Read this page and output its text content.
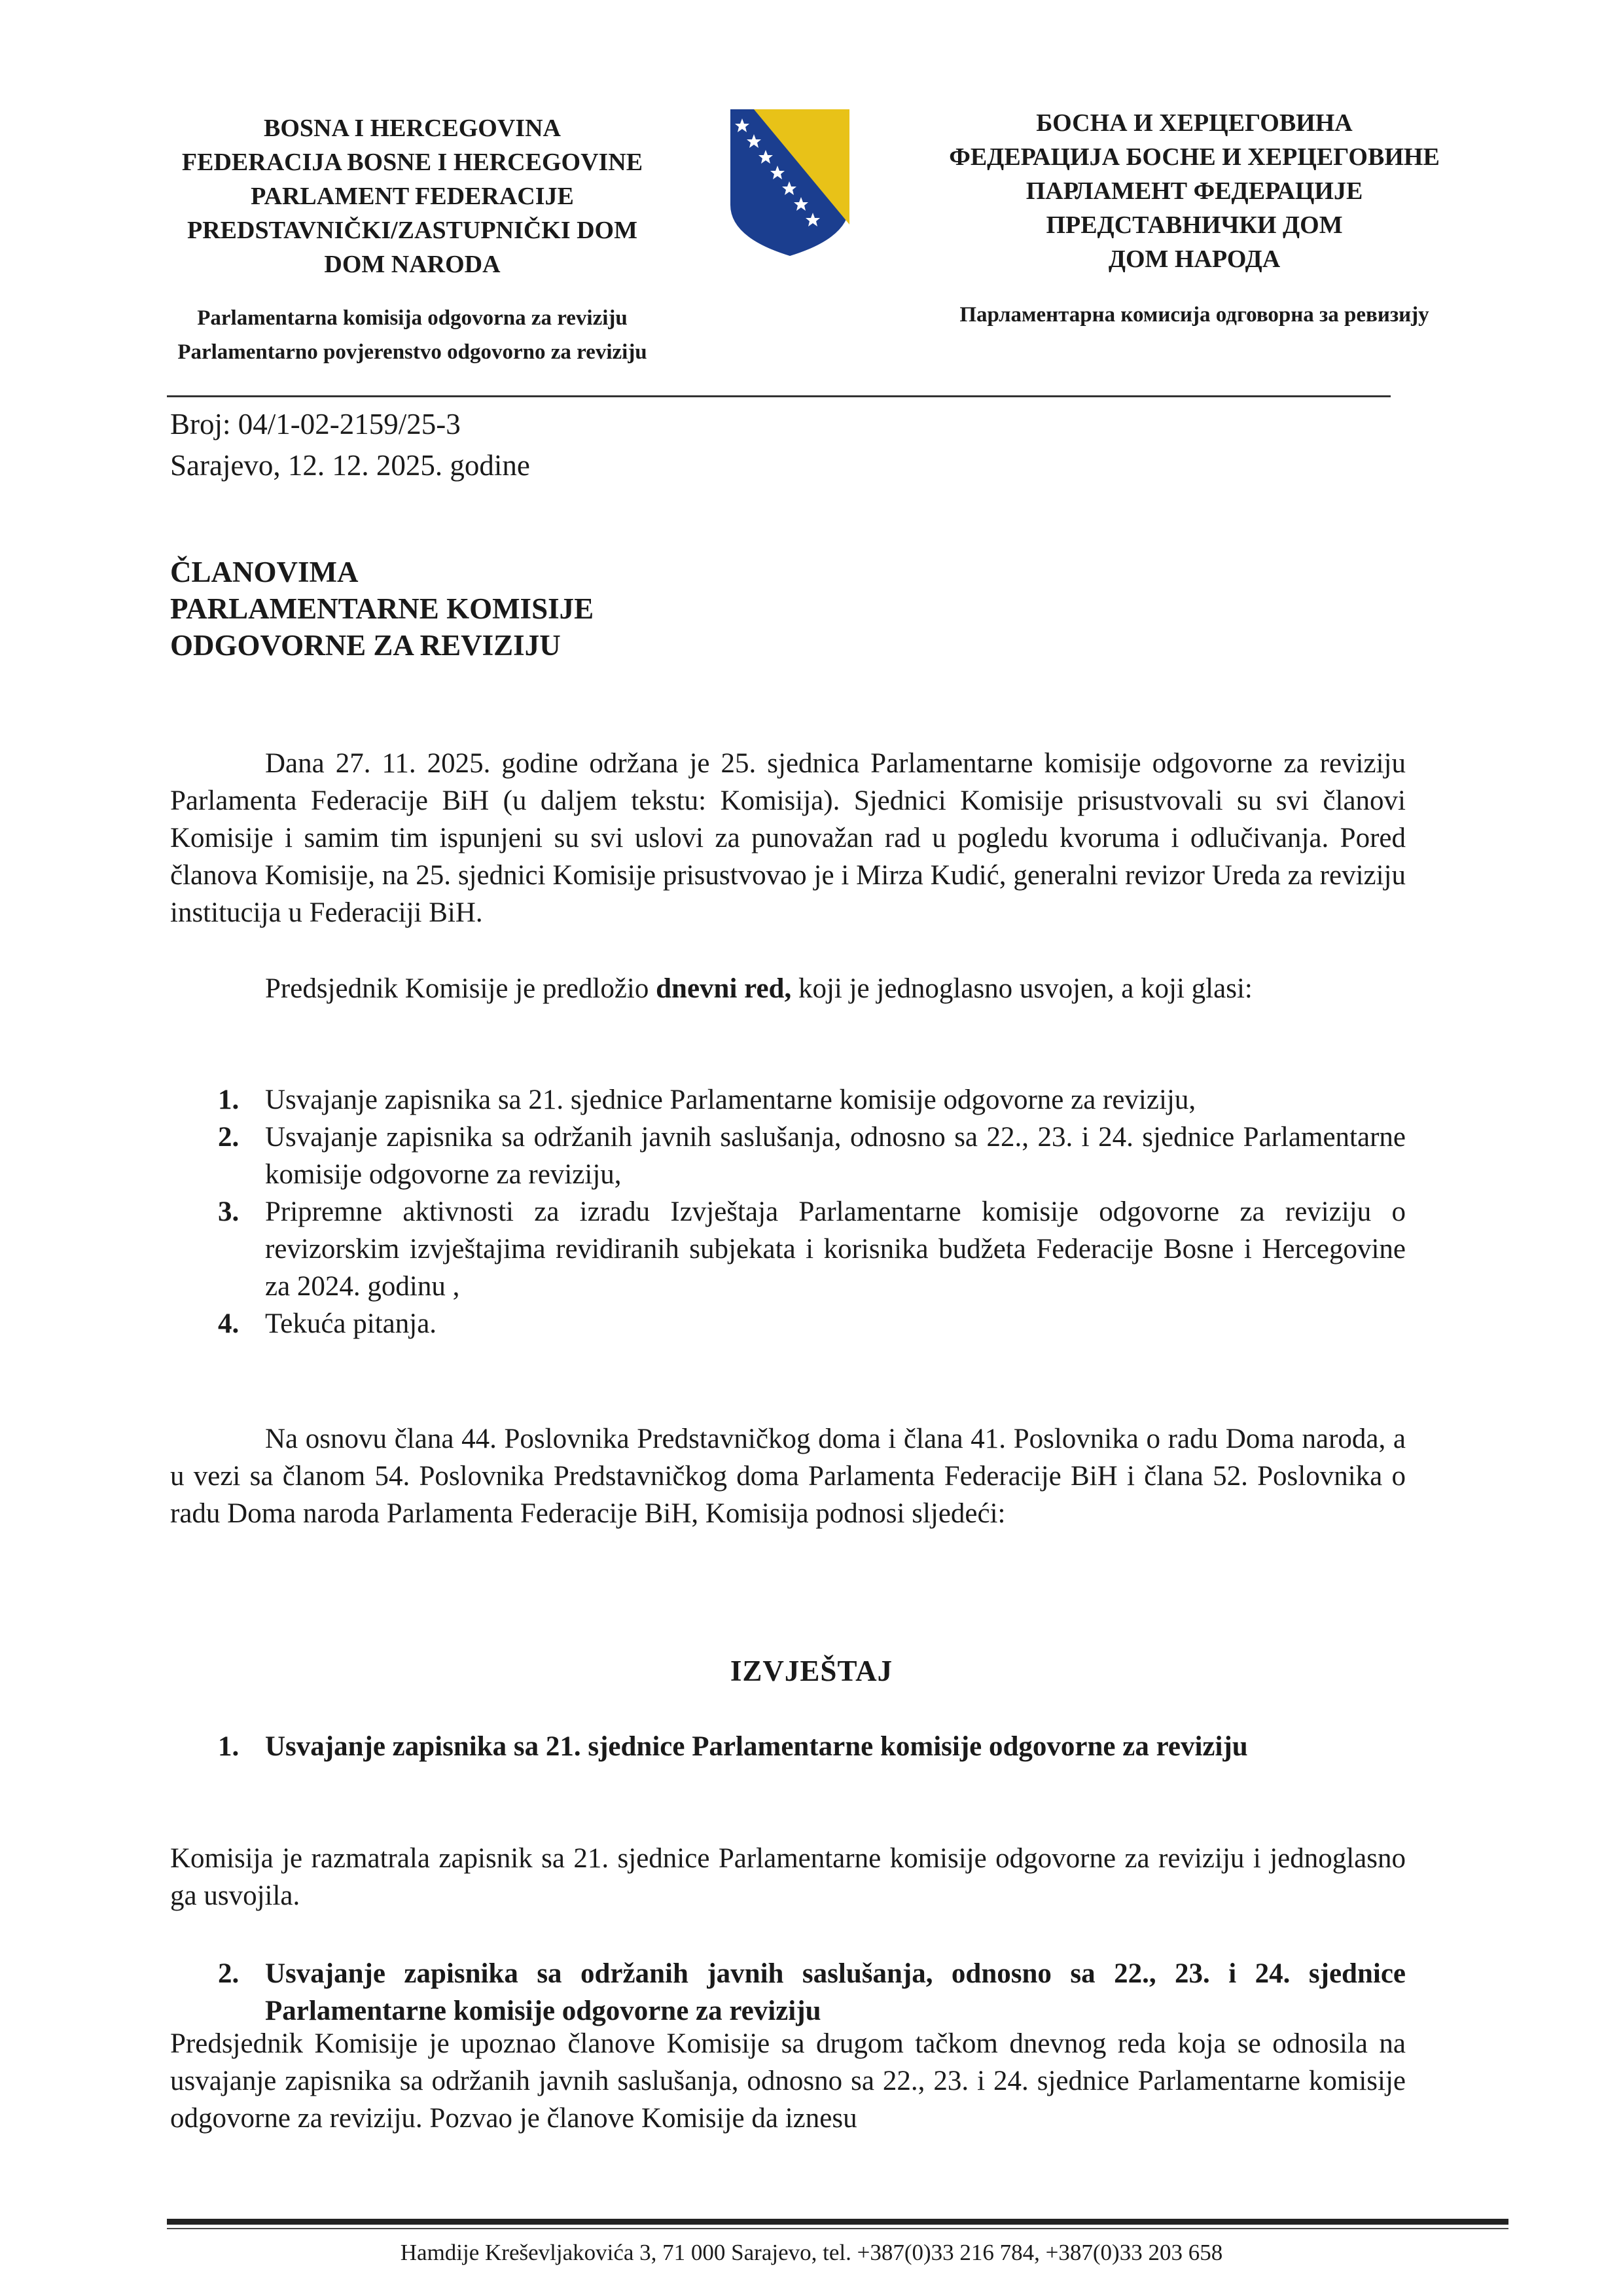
BOSNA I HERCEGOVINA
FEDERACIJA BOSNE I HERCEGOVINE
PARLAMENT FEDERACIJE
PREDSTAVNIČKI/ZASTUPNIČKI DOM
DOM NARODA
БОСНА И ХЕРЦЕГОВИНА
ФЕДЕРАЦИЈА БОСНЕ И ХЕРЦЕГОВИНЕ
ПАРЛАМЕНТ ФЕДЕРАЦИЈЕ
ПРЕДСТАВНИЧКИ ДОМ
ДОМ НАРОДА
Parlamentarna komisija odgovorna za reviziju
Parlamentarno povjerenstvo odgovorno za reviziju
Парламентарна комисија одговорна за ревизију
Broj: 04/1-02-2159/25-3
Sarajevo, 12. 12. 2025. godine
ČLANOVIMA
PARLAMENTARNE KOMISIJE
ODGOVORNE ZA REVIZIJU

Dana 27. 11. 2025. godine održana je 25. sjednica Parlamentarne komisije odgovorne za reviziju Parlamenta Federacije BiH (u daljem tekstu: Komisija). Sjednici Komisije prisustvovali su svi članovi Komisije i samim tim ispunjeni su svi uslovi za punovažan rad u pogledu kvoruma i odlučivanja. Pored članova Komisije, na 25. sjednici Komisije prisustvovao je i Mirza Kudić, generalni revizor Ureda za reviziju institucija u Federaciji BiH.

Predsjednik Komisije je predložio dnevni red, koji je jednoglasno usvojen, a koji glasi:

1. Usvajanje zapisnika sa 21. sjednice Parlamentarne komisije odgovorne za reviziju,
2. Usvajanje zapisnika sa održanih javnih saslušanja, odnosno sa 22., 23. i 24. sjednice Parlamentarne komisije odgovorne za reviziju,
3. Pripremne aktivnosti za izradu Izvještaja Parlamentarne komisije odgovorne za reviziju o revizorskim izvještajima revidiranih subjekata i korisnika budžeta Federacije Bosne i Hercegovine za 2024. godinu ,
4. Tekuća pitanja.

Na osnovu člana 44. Poslovnika Predstavničkog doma i člana 41. Poslovnika o radu Doma naroda, a u vezi sa članom 54. Poslovnika Predstavničkog doma Parlamenta Federacije BiH i člana 52. Poslovnika o radu Doma naroda Parlamenta Federacije BiH, Komisija podnosi sljedeći:

IZVJEŠTAJ
1. Usvajanje zapisnika sa 21. sjednice Parlamentarne komisije odgovorne za reviziju

Komisija je razmatrala zapisnik sa 21. sjednice Parlamentarne komisije odgovorne za reviziju i jednoglasno ga usvojila.

2. Usvajanje zapisnika sa održanih javnih saslušanja, odnosno sa 22., 23. i 24. sjednice Parlamentarne komisije odgovorne za reviziju

Predsjednik Komisije je upoznao članove Komisije sa drugom tačkom dnevnog reda koja se odnosila na usvajanje zapisnika sa održanih javnih saslušanja, odnosno sa 22., 23. i 24. sjednice Parlamentarne komisije odgovorne za reviziju. Pozvao je članove Komisije da iznesu

Hamdije Kreševljakovića 3, 71 000 Sarajevo, tel. +387(0)33 216 784, +387(0)33 203 658
